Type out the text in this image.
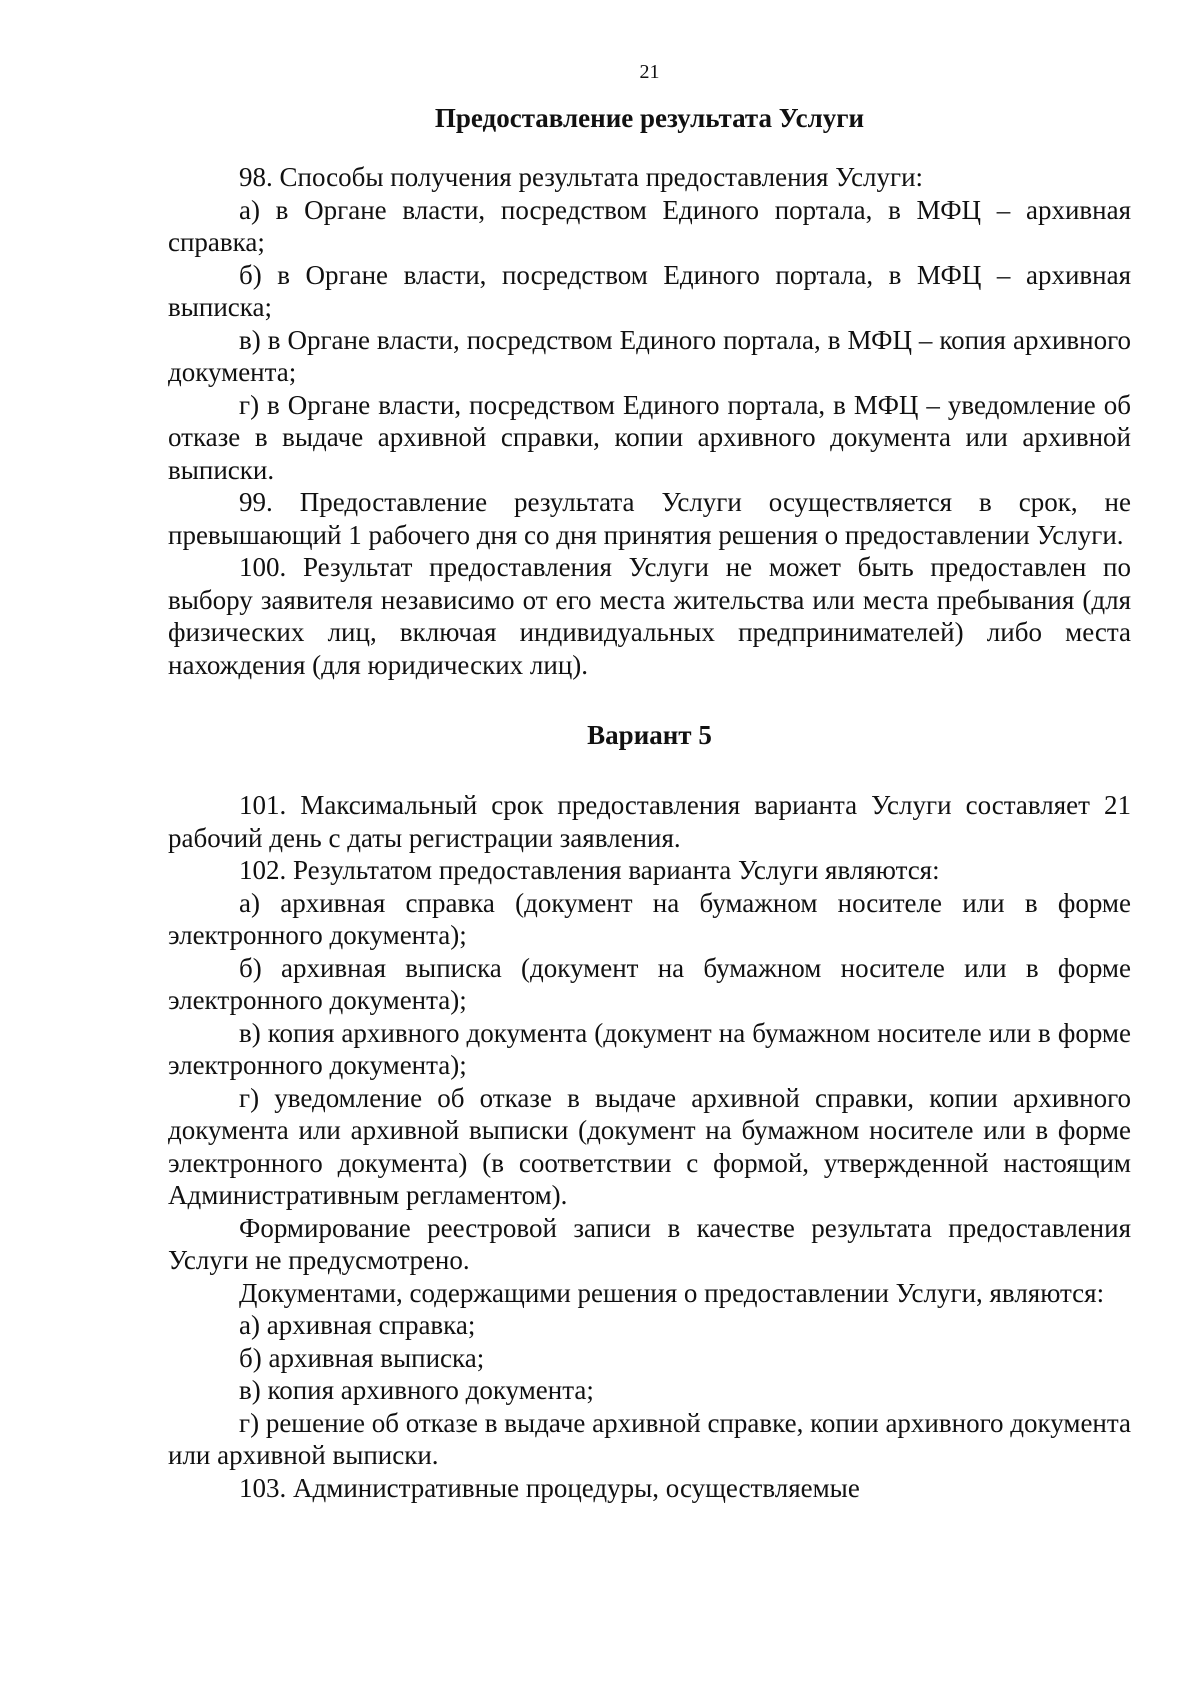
21
Предоставление результата Услуги

98. Способы получения результата предоставления Услуги:

а) в Органе власти, посредством Единого портала, в МФЦ – архивная справка;

б) в Органе власти, посредством Единого портала, в МФЦ – архивная выписка;

в) в Органе власти, посредством Единого портала, в МФЦ – копия архивного документа;

г) в Органе власти, посредством Единого портала, в МФЦ – уведомление об отказе в выдаче архивной справки, копии архивного документа или архивной выписки.

99. Предоставление результата Услуги осуществляется в срок, не превышающий 1 рабочего дня со дня принятия решения о предоставлении Услуги.

100. Результат предоставления Услуги не может быть предоставлен по выбору заявителя независимо от его места жительства или места пребывания (для физических лиц, включая индивидуальных предпринимателей) либо места нахождения (для юридических лиц).

Вариант 5

101. Максимальный срок предоставления варианта Услуги составляет 21 рабочий день с даты регистрации заявления.

102. Результатом предоставления варианта Услуги являются:

а) архивная справка (документ на бумажном носителе или в форме электронного документа);

б) архивная выписка (документ на бумажном носителе или в форме электронного документа);

в) копия архивного документа (документ на бумажном носителе или в форме электронного документа);

г) уведомление об отказе в выдаче архивной справки, копии архивного документа или архивной выписки (документ на бумажном носителе или в форме электронного документа) (в соответствии с формой, утвержденной настоящим Административным регламентом).

Формирование реестровой записи в качестве результата предоставления Услуги не предусмотрено.

Документами, содержащими решения о предоставлении Услуги, являются:

а) архивная справка;

б) архивная выписка;

в) копия архивного документа;

г) решение об отказе в выдаче архивной справке, копии архивного документа или архивной выписки.

103. Административные процедуры, осуществляемые
